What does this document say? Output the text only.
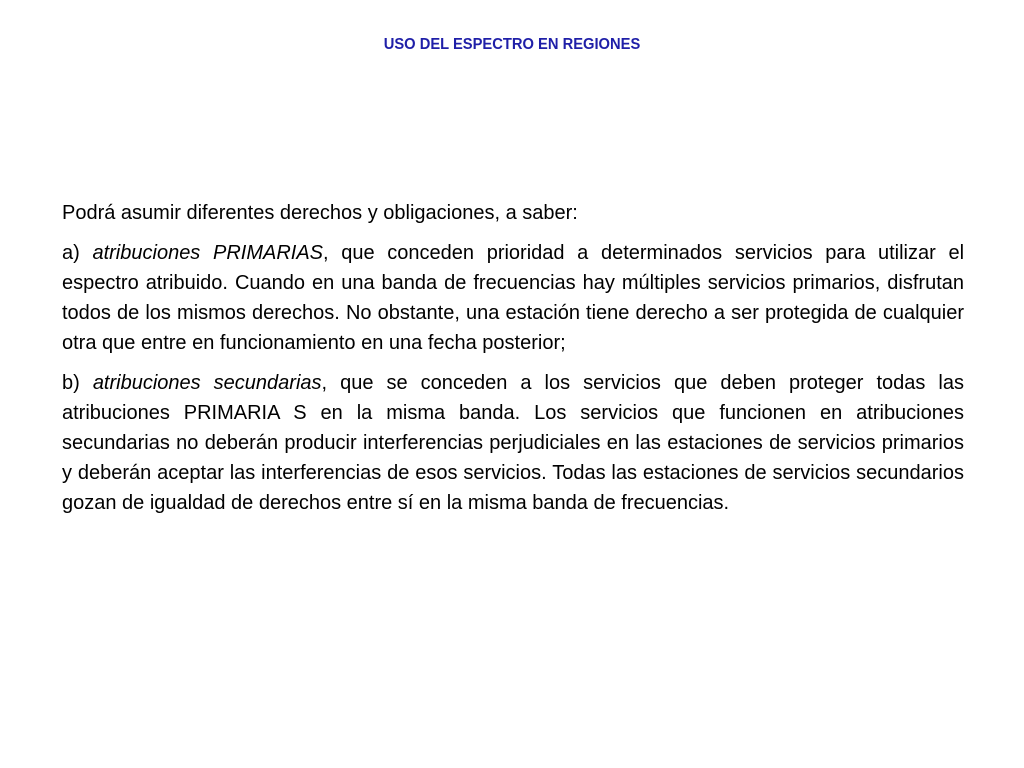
USO DEL ESPECTRO EN REGIONES

Podrá asumir diferentes derechos y obligaciones, a saber:

a) atribuciones PRIMARIAS, que conceden prioridad a determinados servicios para utilizar el espectro atribuido. Cuando en una banda de frecuencias hay múltiples servicios primarios, disfrutan todos de los mismos derechos. No obstante, una estación tiene derecho a ser protegida de cualquier otra que entre en funcionamiento en una fecha posterior;

b) atribuciones secundarias, que se conceden a los servicios que deben proteger todas las atribuciones PRIMARIA S en la misma banda. Los servicios que funcionen en atribuciones secundarias no deberán producir interferencias perjudiciales en las estaciones de servicios primarios y deberán aceptar las interferencias de esos servicios. Todas las estaciones de servicios secundarios gozan de igualdad de derechos entre sí en la misma banda de frecuencias.
